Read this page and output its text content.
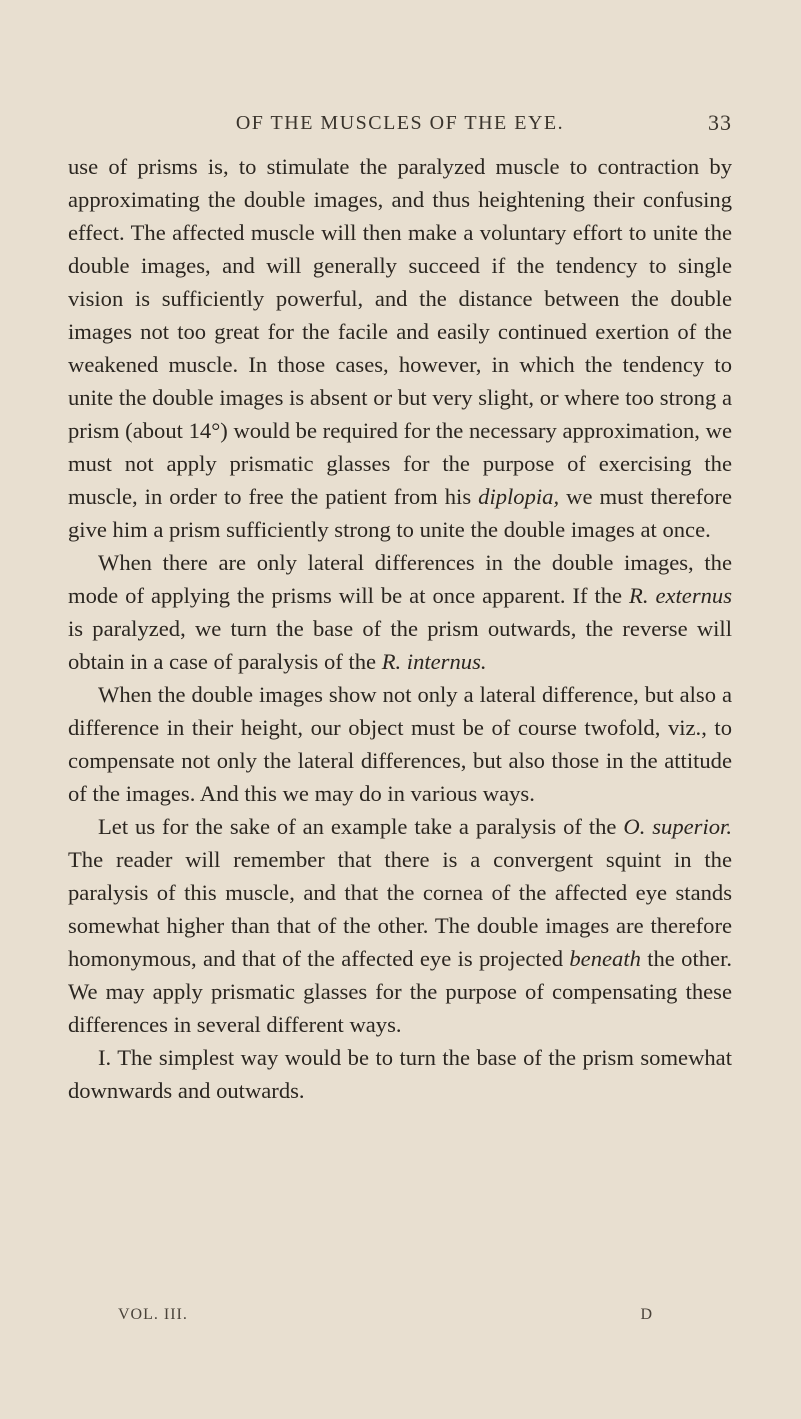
OF THE MUSCLES OF THE EYE.	33

use of prisms is, to stimulate the paralyzed muscle to contraction by approximating the double images, and thus heightening their confusing effect. The affected muscle will then make a voluntary effort to unite the double images, and will generally succeed if the tendency to single vision is sufficiently powerful, and the distance between the double images not too great for the facile and easily continued exertion of the weakened muscle. In those cases, however, in which the tendency to unite the double images is absent or but very slight, or where too strong a prism (about 14°) would be required for the necessary approximation, we must not apply prismatic glasses for the purpose of exercising the muscle, in order to free the patient from his diplopia, we must therefore give him a prism sufficiently strong to unite the double images at once.

When there are only lateral differences in the double images, the mode of applying the prisms will be at once apparent. If the R. externus is paralyzed, we turn the base of the prism outwards, the reverse will obtain in a case of paralysis of the R. internus.

When the double images show not only a lateral difference, but also a difference in their height, our object must be of course twofold, viz., to compensate not only the lateral differences, but also those in the attitude of the images. And this we may do in various ways.

Let us for the sake of an example take a paralysis of the O. superior. The reader will remember that there is a convergent squint in the paralysis of this muscle, and that the cornea of the affected eye stands somewhat higher than that of the other. The double images are therefore homonymous, and that of the affected eye is projected beneath the other. We may apply prismatic glasses for the purpose of compensating these differences in several different ways.

I. The simplest way would be to turn the base of the prism somewhat downwards and outwards.

VOL. III.	D
